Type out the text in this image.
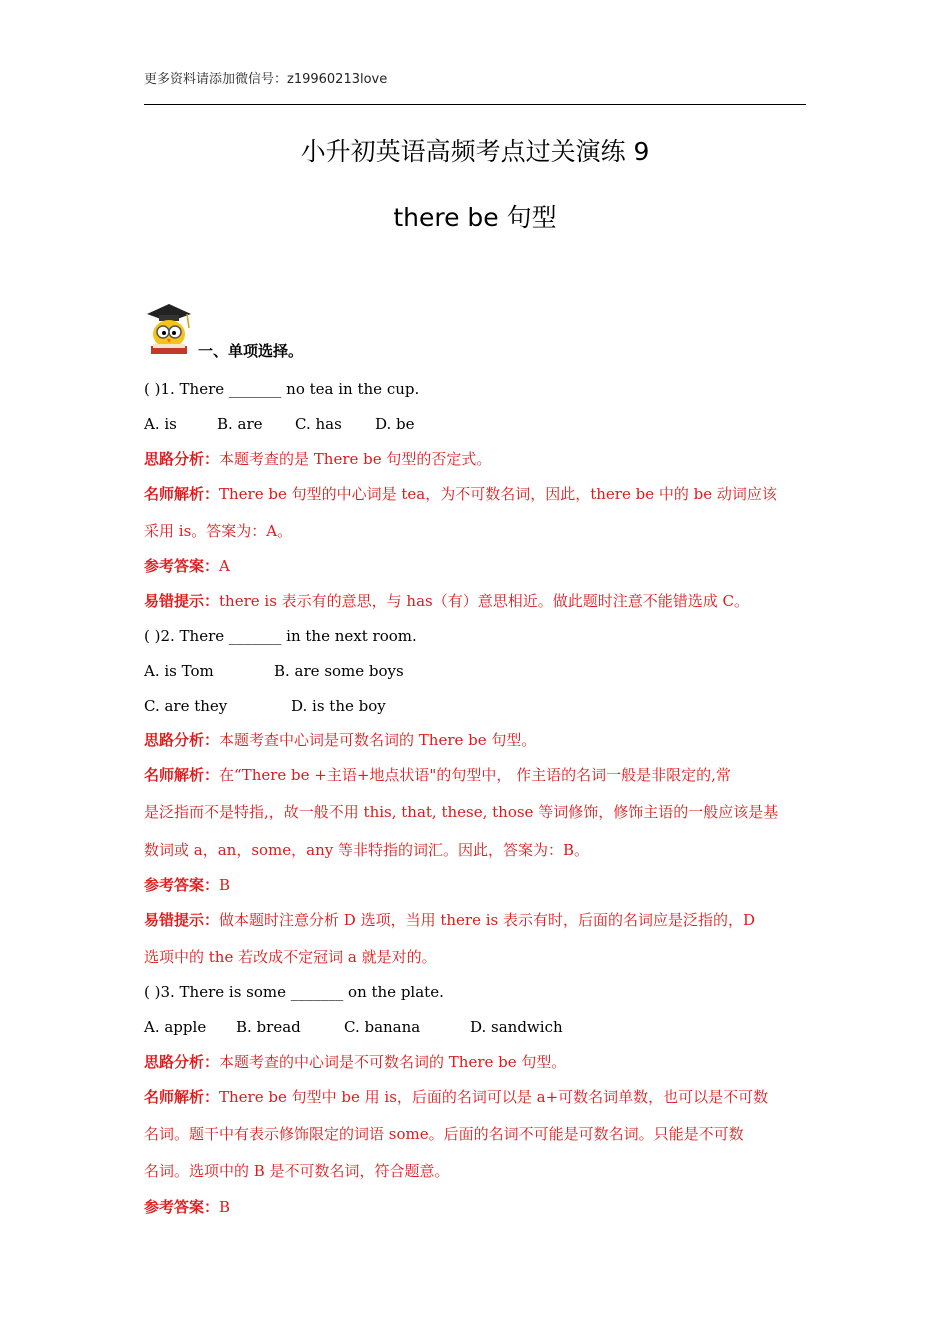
更多资料请添加微信号：z19960213love
小升初英语高频考点过关演练 9
there be 句型
一、单项选择。
( )1. There _______ no tea in the cup.
A. is	B. are C. has D. be
思路分析：本题考查的是 There be 句型的否定式。
名师解析：There be 句型的中心词是 tea，为不可数名词，因此，there be 中的 be 动词应该
采用 is。答案为：A。
参考答案：A
易错提示：there is 表示有的意思，与 has（有）意思相近。做此题时注意不能错选成 C。
( )2. There _______ in the next room.
A. is Tom	B. are some boys
C. are they	D. is the boy
思路分析：本题考查中心词是可数名词的 There be 句型。
名师解析：在“There be +主语+地点状语"的句型中， 作主语的名词一般是非限定的,常
是泛指而不是特指,，故一般不用 this, that, these, those 等词修饰，修饰主语的一般应该是基
数词或 a，an，some，any 等非特指的词汇。因此，答案为：B。
参考答案：B
易错提示：做本题时注意分析 D 选项，当用 there is 表示有时，后面的名词应是泛指的，D
选项中的 the 若改成不定冠词 a 就是对的。
( )3. There is some _______ on the plate.
A. apple B. bread	C. banana	D. sandwich
思路分析：本题考查的中心词是不可数名词的 There be 句型。
名师解析：There be 句型中 be 用 is，后面的名词可以是 a+可数名词单数，也可以是不可数
名词。题干中有表示修饰限定的词语 some。后面的名词不可能是可数名词。只能是不可数
名词。选项中的 B 是不可数名词，符合题意。
参考答案：B
